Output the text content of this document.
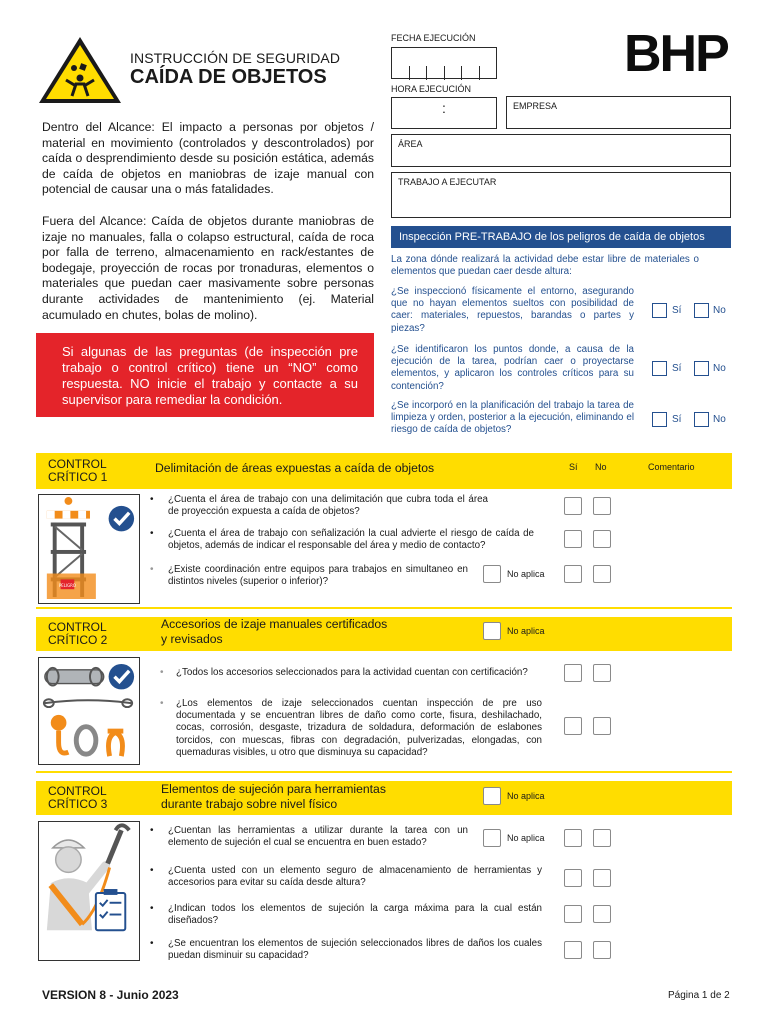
INSTRUCCIÓN DE SEGURIDAD
CAÍDA DE OBJETOS	BHP
FECHA EJECUCIÓN
HORA EJECUCIÓN
:	EMPRESA
ÁREA
TRABAJO A EJECUTAR
Dentro del Alcance: El impacto a personas por objetos / material en movimiento (controlados y descontrolados) por caída o desprendimiento desde su posición estática, además de caída de objetos en maniobras de izaje manual con potencial de causar una o más fatalidades.
Fuera del Alcance: Caída de objetos durante maniobras de izaje no manuales, falla o colapso estructural, caída de roca por falla de terreno, almacenamiento en rack/estantes de bodegaje, proyección de rocas por tronaduras, elementos o materiales que puedan caer masivamente sobre personas durante actividades de mantenimiento (ej. Material acumulado en chutes, bolas de molino).
Si algunas de las preguntas (de inspección pre trabajo o control crítico) tiene un “NO” como respuesta. NO inicie el trabajo y contacte a su supervisor para remediar la condición.
Inspección PRE-TRABAJO de los peligros de caída de objetos
La zona dónde realizará la actividad debe estar libre de materiales o elementos que puedan caer desde altura:
¿Se inspeccionó físicamente el entorno, asegurando que no hayan elementos sueltos con posibilidad de caer: materiales, repuestos, barandas o partes y piezas?
Sí	No
¿Se identificaron los puntos donde, a causa de la ejecución de la tarea, podrían caer o proyectarse elementos, y aplicaron los controles críticos para su contención?
Sí	No
¿Se incorporó en la planificación del trabajo la tarea de limpieza y orden, posterior a la ejecución, eliminando el riesgo de caída de objetos?
Sí	No
CONTROL
CRÍTICO 1
Delimitación de áreas expuestas a caída de objetos	Sí No	Comentario
PELIGRO
• ¿Cuenta el área de trabajo con una delimitación que cubra toda el área de proyección expuesta a caída de objetos?
• ¿Cuenta el área de trabajo con señalización la cual advierte el riesgo de caída de objetos, además de indicar el responsable del área y medio de contacto?
• ¿Existe coordinación entre equipos para trabajos en simultaneo en distintos niveles (superior o inferior)?
No aplica
CONTROL
CRÍTICO 2
Accesorios de izaje manuales certificados
y revisados
No aplica
• ¿Todos los accesorios seleccionados para la actividad cuentan con certificación?
• ¿Los elementos de izaje seleccionados cuentan inspección de pre uso documentada y se encuentran libres de daño como corte, fisura, deshilachado, cocas, corrosión, desgaste, trizadura de soldadura, deformación de eslabones torcidos, con muescas, fibras con degradación, pulverizadas, elongadas, con quemaduras visibles, u otro que disminuya su capacidad?
CONTROL
CRÍTICO 3
Elementos de sujeción para herramientas
durante trabajo sobre nivel físico
No aplica
• ¿Cuentan las herramientas a utilizar durante la tarea con un elemento de sujeción el cual se encuentra en buen estado?	No aplica
• ¿Cuenta usted con un elemento seguro de almacenamiento de herramientas y accesorios para evitar su caída desde altura?
• ¿Indican todos los elementos de sujeción la carga máxima para la cual están diseñados?
• ¿Se encuentran los elementos de sujeción seleccionados libres de daños los cuales puedan disminuir su capacidad?
VERSION 8 - Junio 2023	Página 1 de 2
